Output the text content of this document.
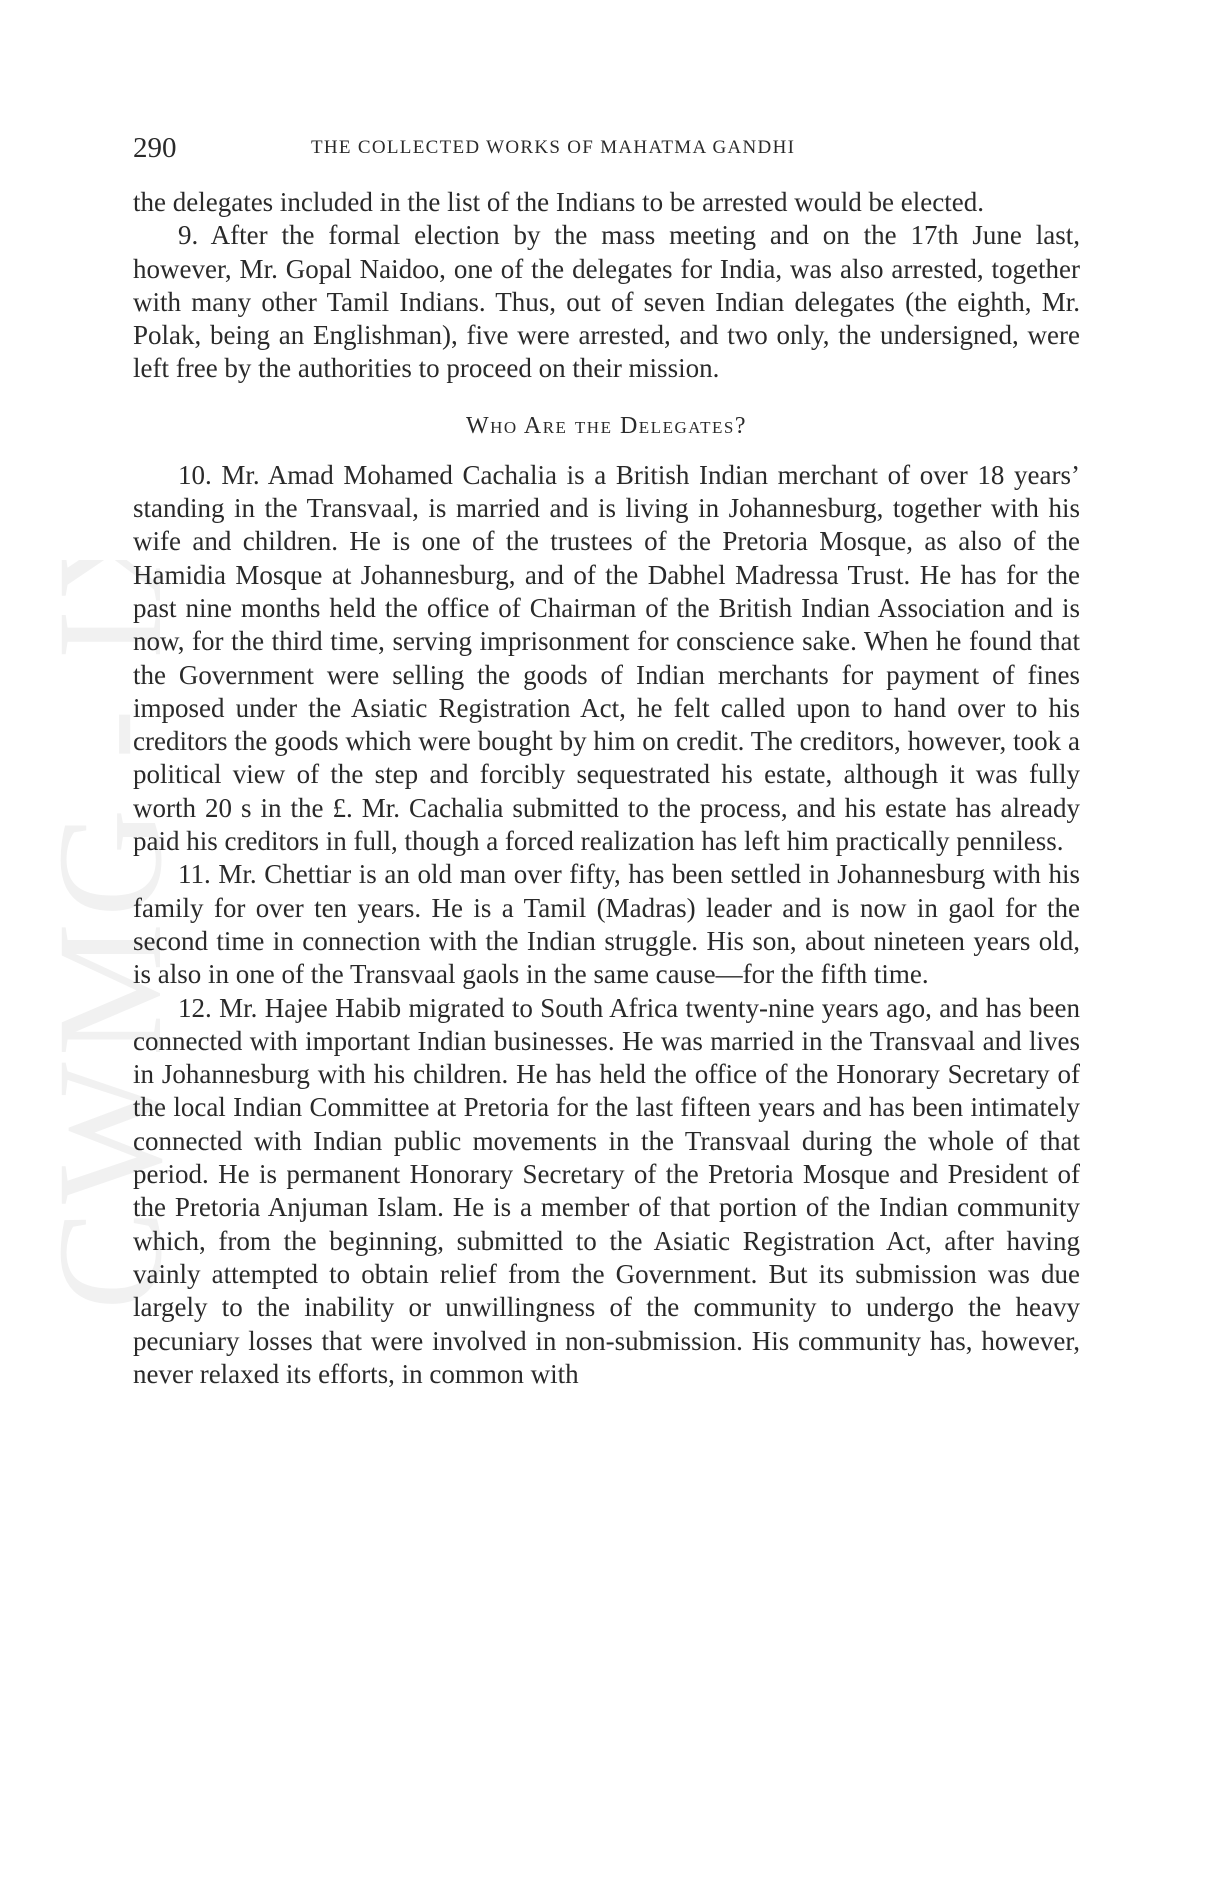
CWMG - IX
290	THE COLLECTED WORKS OF MAHATMA GANDHI

the delegates included in the list of the Indians to be arrested would be elected.

9. After the formal election by the mass meeting and on the 17th June last, however, Mr. Gopal Naidoo, one of the delegates for India, was also arrested, together with many other Tamil Indians. Thus, out of seven Indian delegates (the eighth, Mr. Polak, being an Englishman), five were arrested, and two only, the undersigned, were left free by the authorities to proceed on their mission.

Who Are the Delegates?

10. Mr. Amad Mohamed Cachalia is a British Indian merchant of over 18 years’ standing in the Transvaal, is married and is living in Johannesburg, together with his wife and children. He is one of the trustees of the Pretoria Mosque, as also of the Hamidia Mosque at Johannesburg, and of the Dabhel Madressa Trust. He has for the past nine months held the office of Chairman of the British Indian Association and is now, for the third time, serving imprisonment for conscience sake. When he found that the Government were selling the goods of Indian merchants for payment of fines imposed under the Asiatic Registration Act, he felt called upon to hand over to his creditors the goods which were bought by him on credit. The creditors, however, took a political view of the step and forcibly sequestrated his estate, although it was fully worth 20 s in the £. Mr. Cachalia submitted to the process, and his estate has already paid his creditors in full, though a forced realization has left him practically penniless.

11. Mr. Chettiar is an old man over fifty, has been settled in Johannesburg with his family for over ten years. He is a Tamil (Madras) leader and is now in gaol for the second time in connection with the Indian struggle. His son, about nineteen years old, is also in one of the Transvaal gaols in the same cause—for the fifth time.

12. Mr. Hajee Habib migrated to South Africa twenty-nine years ago, and has been connected with important Indian businesses. He was married in the Transvaal and lives in Johannesburg with his children. He has held the office of the Honorary Secretary of the local Indian Committee at Pretoria for the last fifteen years and has been intimately connected with Indian public movements in the Transvaal during the whole of that period. He is permanent Honorary Secretary of the Pretoria Mosque and President of the Pretoria Anjuman Islam. He is a member of that portion of the Indian community which, from the beginning, submitted to the Asiatic Registration Act, after having vainly attempted to obtain relief from the Government. But its submission was due largely to the inability or unwillingness of the community to undergo the heavy pecuniary losses that were involved in non-submission. His community has, however, never relaxed its efforts, in common with
